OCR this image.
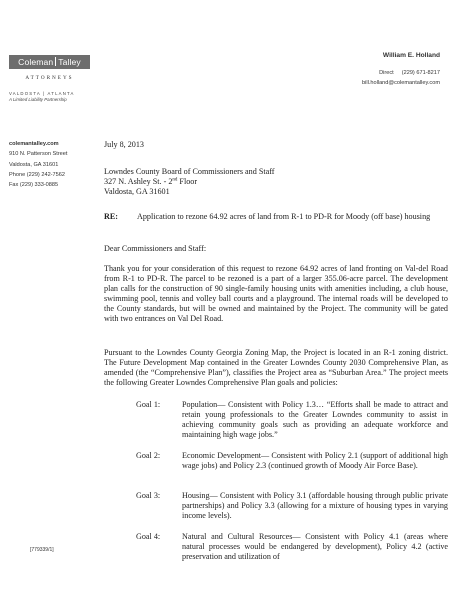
Coleman Talley
ATTORNEYS
VALDOSTA | ATLANTA
A Limited Liability Partnership
colemantalley.com
910 N. Patterson Street
Valdosta, GA 31601
Phone (229) 242-7562
Fax (229) 333-0885
[779339/1]
William E. Holland
Direct (229) 671-8217
bill.holland@colemantalley.com
July 8, 2013
Lowndes County Board of Commissioners and Staff
327 N. Ashley St. - 2nd Floor
Valdosta, GA 31601
RE: Application to rezone 64.92 acres of land from R-1 to PD-R for Moody (off base) housing
Dear Commissioners and Staff:
Thank you for your consideration of this request to rezone 64.92 acres of land fronting on Val-del Road from R-1 to PD-R. The parcel to be rezoned is a part of a larger 355.06-acre parcel. The development plan calls for the construction of 90 single-family housing units with amenities including, a club house, swimming pool, tennis and volley ball courts and a playground. The internal roads will be developed to the County standards, but will be owned and maintained by the Project. The community will be gated with two entrances on Val Del Road.
Pursuant to the Lowndes County Georgia Zoning Map, the Project is located in an R-1 zoning district. The Future Development Map contained in the Greater Lowndes County 2030 Comprehensive Plan, as amended (the “Comprehensive Plan”), classifies the Project area as “Suburban Area.” The project meets the following Greater Lowndes Comprehensive Plan goals and policies:
Goal 1:	Population— Consistent with Policy 1.3… “Efforts shall be made to attract and retain young professionals to the Greater Lowndes community to assist in achieving community goals such as providing an adequate workforce and maintaining high wage jobs.”
Goal 2:	Economic Development— Consistent with Policy 2.1 (support of additional high wage jobs) and Policy 2.3 (continued growth of Moody Air Force Base).
Goal 3:	Housing— Consistent with Policy 3.1 (affordable housing through public private partnerships) and Policy 3.3 (allowing for a mixture of housing types in varying income levels).
Goal 4:	Natural and Cultural Resources— Consistent with Policy 4.1 (areas where natural processes would be endangered by development), Policy 4.2 (active preservation and utilization of
